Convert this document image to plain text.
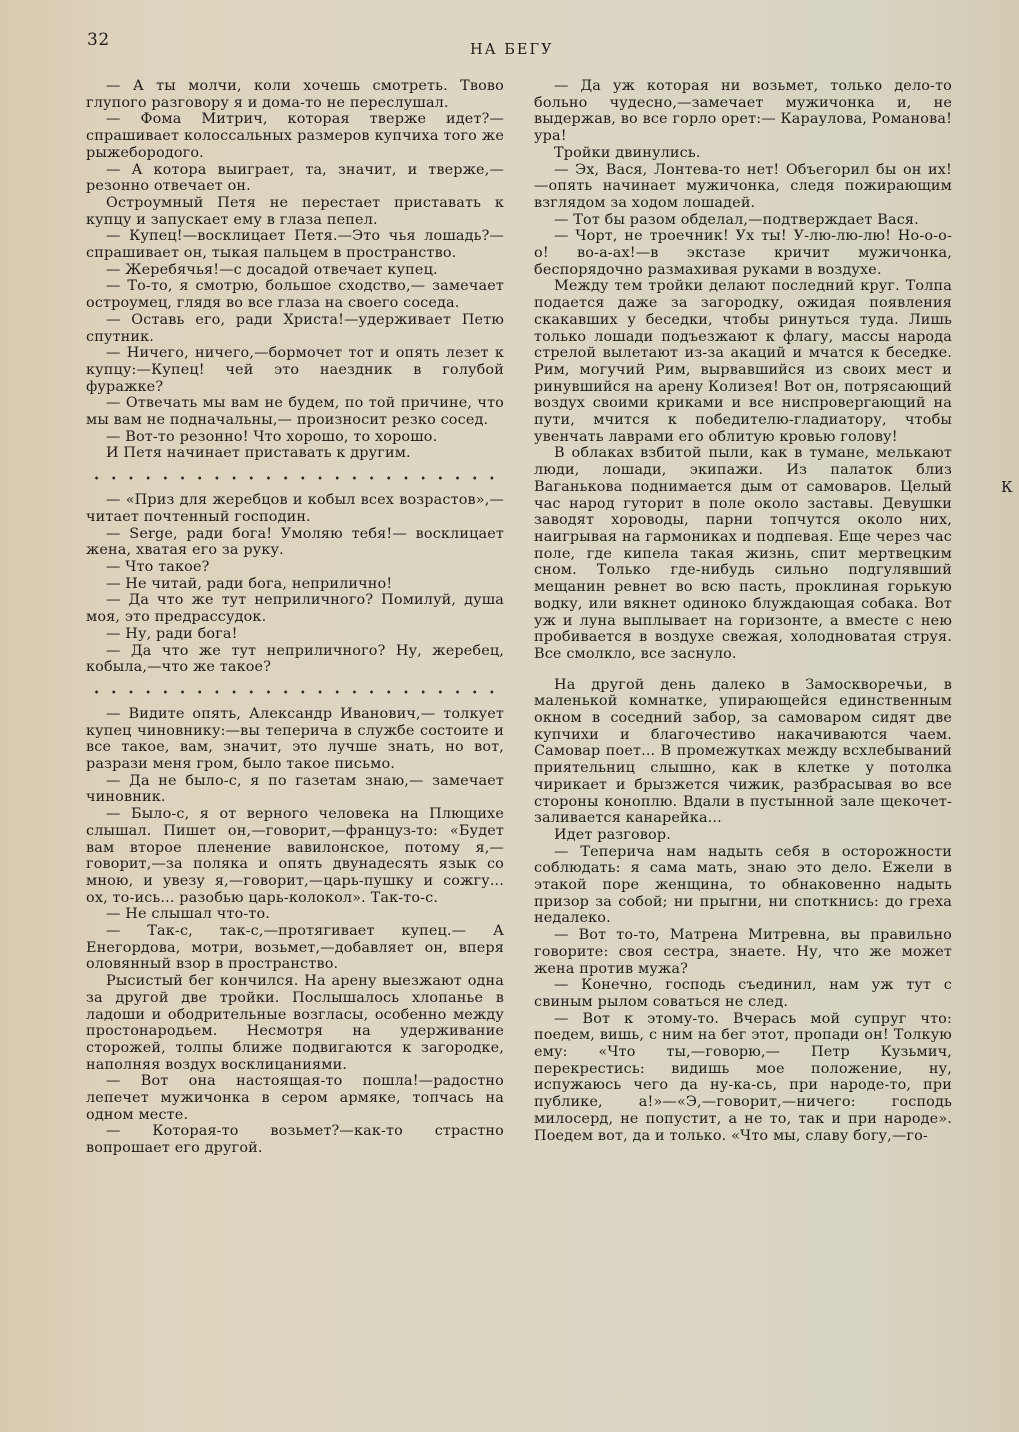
32	НА БЕГУ
К

— А ты молчи, коли хочешь смотреть. Твово глупого разговору я и дома-то не переслушал.

— Фома Митрич, которая тверже идет?— спрашивает колоссальных размеров купчиха того же рыжебородого.

— А котора выиграет, та, значит, и тверже,—резонно отвечает он.

Остроумный Петя не перестает приставать к купцу и запускает ему в глаза пепел.

— Купец!—восклицает Петя.—Это чья лошадь?—спрашивает он, тыкая пальцем в пространство.

— Жеребячья!—с досадой отвечает купец.

— То-то, я смотрю, большое сходство,— замечает остроумец, глядя во все глаза на своего соседа.

— Оставь его, ради Христа!—удерживает Петю спутник.

— Ничего, ничего,—бормочет тот и опять лезет к купцу:—Купец! чей это наездник в голубой фуражке?

— Отвечать мы вам не будем, по той причине, что мы вам не подначальны,— произносит резко сосед.

— Вот-то резонно! Что хорошо, то хорошо.

И Петя начинает приставать к другим.

— «Приз для жеребцов и кобыл всех возрастов»,—читает почтенный господин.

— Serge, ради бога! Умоляю тебя!— восклицает жена, хватая его за руку.

— Что такое?

— Не читай, ради бога, неприлично!

— Да что же тут неприличного? Помилуй, душа моя, это предрассудок.

— Ну, ради бога!

— Да что же тут неприличного? Ну, жеребец, кобыла,—что же такое?

— Видите опять, Александр Иванович,— толкует купец чиновнику:—вы теперича в службе состоите и все такое, вам, значит, это лучше знать, но вот, разрази меня гром, было такое письмо.

— Да не было-с, я по газетам знаю,— замечает чиновник.

— Было-с, я от верного человека на Плющихе слышал. Пишет он,—говорит,—француз-то: «Будет вам второе пленение вавилонское, потому я,—говорит,—за поляка и опять двунадесять язык со мною, и увезу я,—говорит,—царь-пушку и сожгу... ох, то-ись... разобью царь-колокол». Так-то-с.

— Не слышал что-то.

— Так-с, так-с,—протягивает купец.— А Енегордова, мотри, возьмет,—добавляет он, вперя оловянный взор в пространство.

Рысистый бег кончился. На арену выезжают одна за другой две тройки. Послышалось хлопанье в ладоши и ободрительные возгласы, особенно между простонародьем. Несмотря на удерживание сторожей, толпы ближе подвигаются к загородке, наполняя воздух восклицаниями.

— Вот она настоящая-то пошла!—радостно лепечет мужичонка в сером армяке, топчась на одном месте.

— Которая-то возьмет?—как-то страстно вопрошает его другой.

— Да уж которая ни возьмет, только дело-то больно чудесно,—замечает мужичонка и, не выдержав, во все горло орет:— Караулова, Романова! ура!

Тройки двинулись.

— Эх, Вася, Лонтева-то нет! Объегорил бы он их!—опять начинает мужичонка, следя пожирающим взглядом за ходом лошадей.

— Тот бы разом обделал,—подтверждает Вася.

— Чорт, не троечник! Ух ты! У-лю-лю-лю! Но-о-о-о! во-а-ах!—в экстазе кричит мужичонка, беспорядочно размахивая руками в воздухе.

Между тем тройки делают последний круг. Толпа подается даже за загородку, ожидая появления скакавших у беседки, чтобы ринуться туда. Лишь только лошади подъезжают к флагу, массы народа стрелой вылетают из-за акаций и мчатся к беседке. Рим, могучий Рим, вырвавшийся из своих мест и ринувшийся на арену Колизея! Вот он, потрясающий воздух своими криками и все ниспровергающий на пути, мчится к победителю-гладиатору, чтобы увенчать лаврами его облитую кровью голову!

В облаках взбитой пыли, как в тумане, мелькают люди, лошади, экипажи. Из палаток близ Ваганькова поднимается дым от самоваров. Целый час народ гуторит в поле около заставы. Девушки заводят хороводы, парни топчутся около них, наигрывая на гармониках и подпевая. Еще через час поле, где кипела такая жизнь, спит мертвецким сном. Только где-нибудь сильно подгулявший мещанин ревнет во всю пасть, проклиная горькую водку, или вякнет одиноко блуждающая собака. Вот уж и луна выплывает на горизонте, а вместе с нею пробивается в воздухе свежая, холодноватая струя. Все смолкло, все заснуло.

На другой день далеко в Замоскворечьи, в маленькой комнатке, упирающейся единственным окном в соседний забор, за самоваром сидят две купчихи и благочестиво накачиваются чаем. Самовар поет... В промежутках между всхлебываний приятельниц слышно, как в клетке у потолка чирикает и брызжется чижик, разбрасывая во все стороны коноплю. Вдали в пустынной зале щекочет-заливается канарейка...

Идет разговор.

— Теперича нам надыть себя в осторожности соблюдать: я сама мать, знаю это дело. Ежели в этакой поре женщина, то обнаковенно надыть призор за собой; ни прыгни, ни споткнись: до греха недалеко.

— Вот то-то, Матрена Митревна, вы правильно говорите: своя сестра, знаете. Ну, что же может жена против мужа?

— Конечно, господь съединил, нам уж тут с свиным рылом соваться не след.

— Вот к этому-то. Вчерась мой супруг что: поедем, вишь, с ним на бег этот, пропади он! Толкую ему: «Что ты,—говорю,— Петр Кузьмич, перекрестись: видишь мое положение, ну, испужаюсь чего да ну-ка-сь, при народе-то, при публике, а!»—«Э,—говорит,—ничего: господь милосерд, не попустит, а не то, так и при народе». Поедем вот, да и только. «Что мы, славу богу,—го-
